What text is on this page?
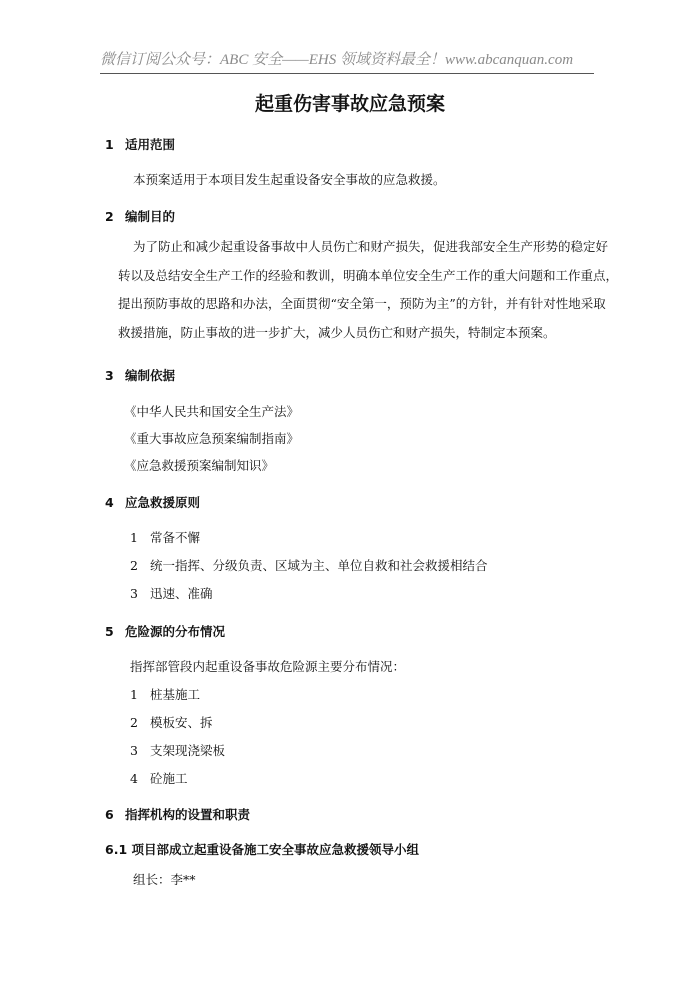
微信订阅公众号：ABC 安全——EHS 领域资料最全！www.abcanquan.com
起重伤害事故应急预案
1 适用范围
本预案适用于本项目发生起重设备安全事故的应急救援。
2 编制目的
为了防止和减少起重设备事故中人员伤亡和财产损失，促进我部安全生产形势的稳定好
转以及总结安全生产工作的经验和教训，明确本单位安全生产工作的重大问题和工作重点，
提出预防事故的思路和办法，全面贯彻“安全第一，预防为主”的方针，并有针对性地采取
救援措施，防止事故的进一步扩大，减少人员伤亡和财产损失，特制定本预案。
3 编制依据
《中华人民共和国安全生产法》
《重大事故应急预案编制指南》
《应急救援预案编制知识》
4 应急救援原则
1 常备不懈
2 统一指挥、分级负责、区域为主、单位自救和社会救援相结合
3 迅速、准确
5 危险源的分布情况
指挥部管段内起重设备事故危险源主要分布情况：
1 桩基施工
2 模板安、拆
3 支架现浇梁板
4 砼施工
6 指挥机构的设置和职责
6.1 项目部成立起重设备施工安全事故应急救援领导小组
组长：李**
